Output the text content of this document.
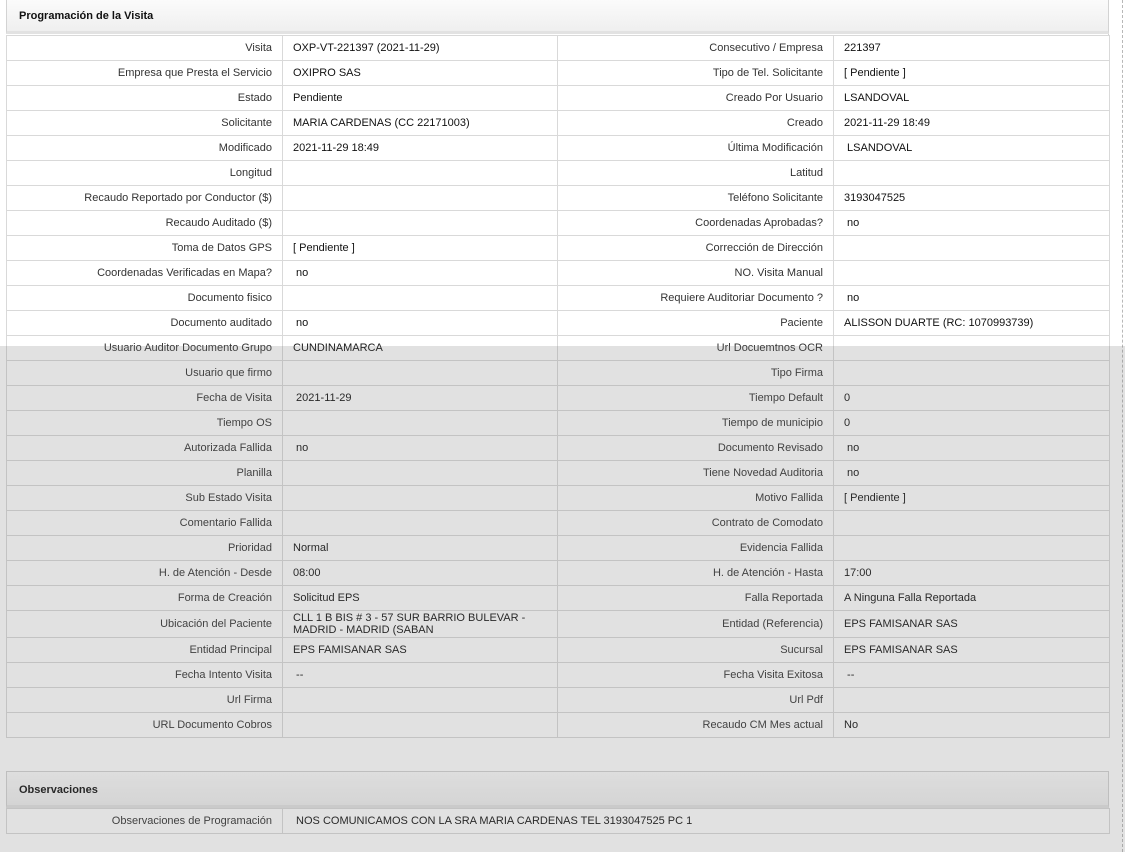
Programación de la Visita
Visita	OXP-VT-221397 (2021-11-29)	Consecutivo / Empresa	221397
Empresa que Presta el Servicio	OXIPRO SAS	Tipo de Tel. Solicitante	[ Pendiente ]
Estado	Pendiente	Creado Por Usuario	LSANDOVAL
Solicitante	MARIA CARDENAS (CC 22171003)	Creado	2021-11-29 18:49
Modificado	2021-11-29 18:49	Última Modificación	LSANDOVAL
Longitud		Latitud	
Recaudo Reportado por Conductor ($)		Teléfono Solicitante	3193047525
Recaudo Auditado ($)		Coordenadas Aprobadas?	no
Toma de Datos GPS	[ Pendiente ]	Corrección de Dirección	
Coordenadas Verificadas en Mapa?	no	NO. Visita Manual	
Documento fisico		Requiere Auditoriar Documento ?	no
Documento auditado	no	Paciente	ALISSON DUARTE (RC: 1070993739)
Usuario Auditor Documento Grupo	CUNDINAMARCA	Url Docuemtnos OCR	
Usuario que firmo		Tipo Firma	
Fecha de Visita	2021-11-29	Tiempo Default	0
Tiempo OS		Tiempo de municipio	0
Autorizada Fallida	no	Documento Revisado	no
Planilla		Tiene Novedad Auditoria	no
Sub Estado Visita		Motivo Fallida	[ Pendiente ]
Comentario Fallida		Contrato de Comodato	
Prioridad	Normal	Evidencia Fallida	
H. de Atención - Desde	08:00	H. de Atención - Hasta	17:00
Forma de Creación	Solicitud EPS	Falla Reportada	A Ninguna Falla Reportada
Ubicación del Paciente	CLL 1 B BIS # 3 - 57 SUR BARRIO BULEVAR - MADRID - MADRID (SABAN	Entidad (Referencia)	EPS FAMISANAR SAS
Entidad Principal	EPS FAMISANAR SAS	Sucursal	EPS FAMISANAR SAS
Fecha Intento Visita	--	Fecha Visita Exitosa	--
Url Firma		Url Pdf	
URL Documento Cobros		Recaudo CM Mes actual	No
Observaciones
Observaciones de Programación	NOS COMUNICAMOS CON LA SRA MARIA CARDENAS TEL 3193047525 PC 1
